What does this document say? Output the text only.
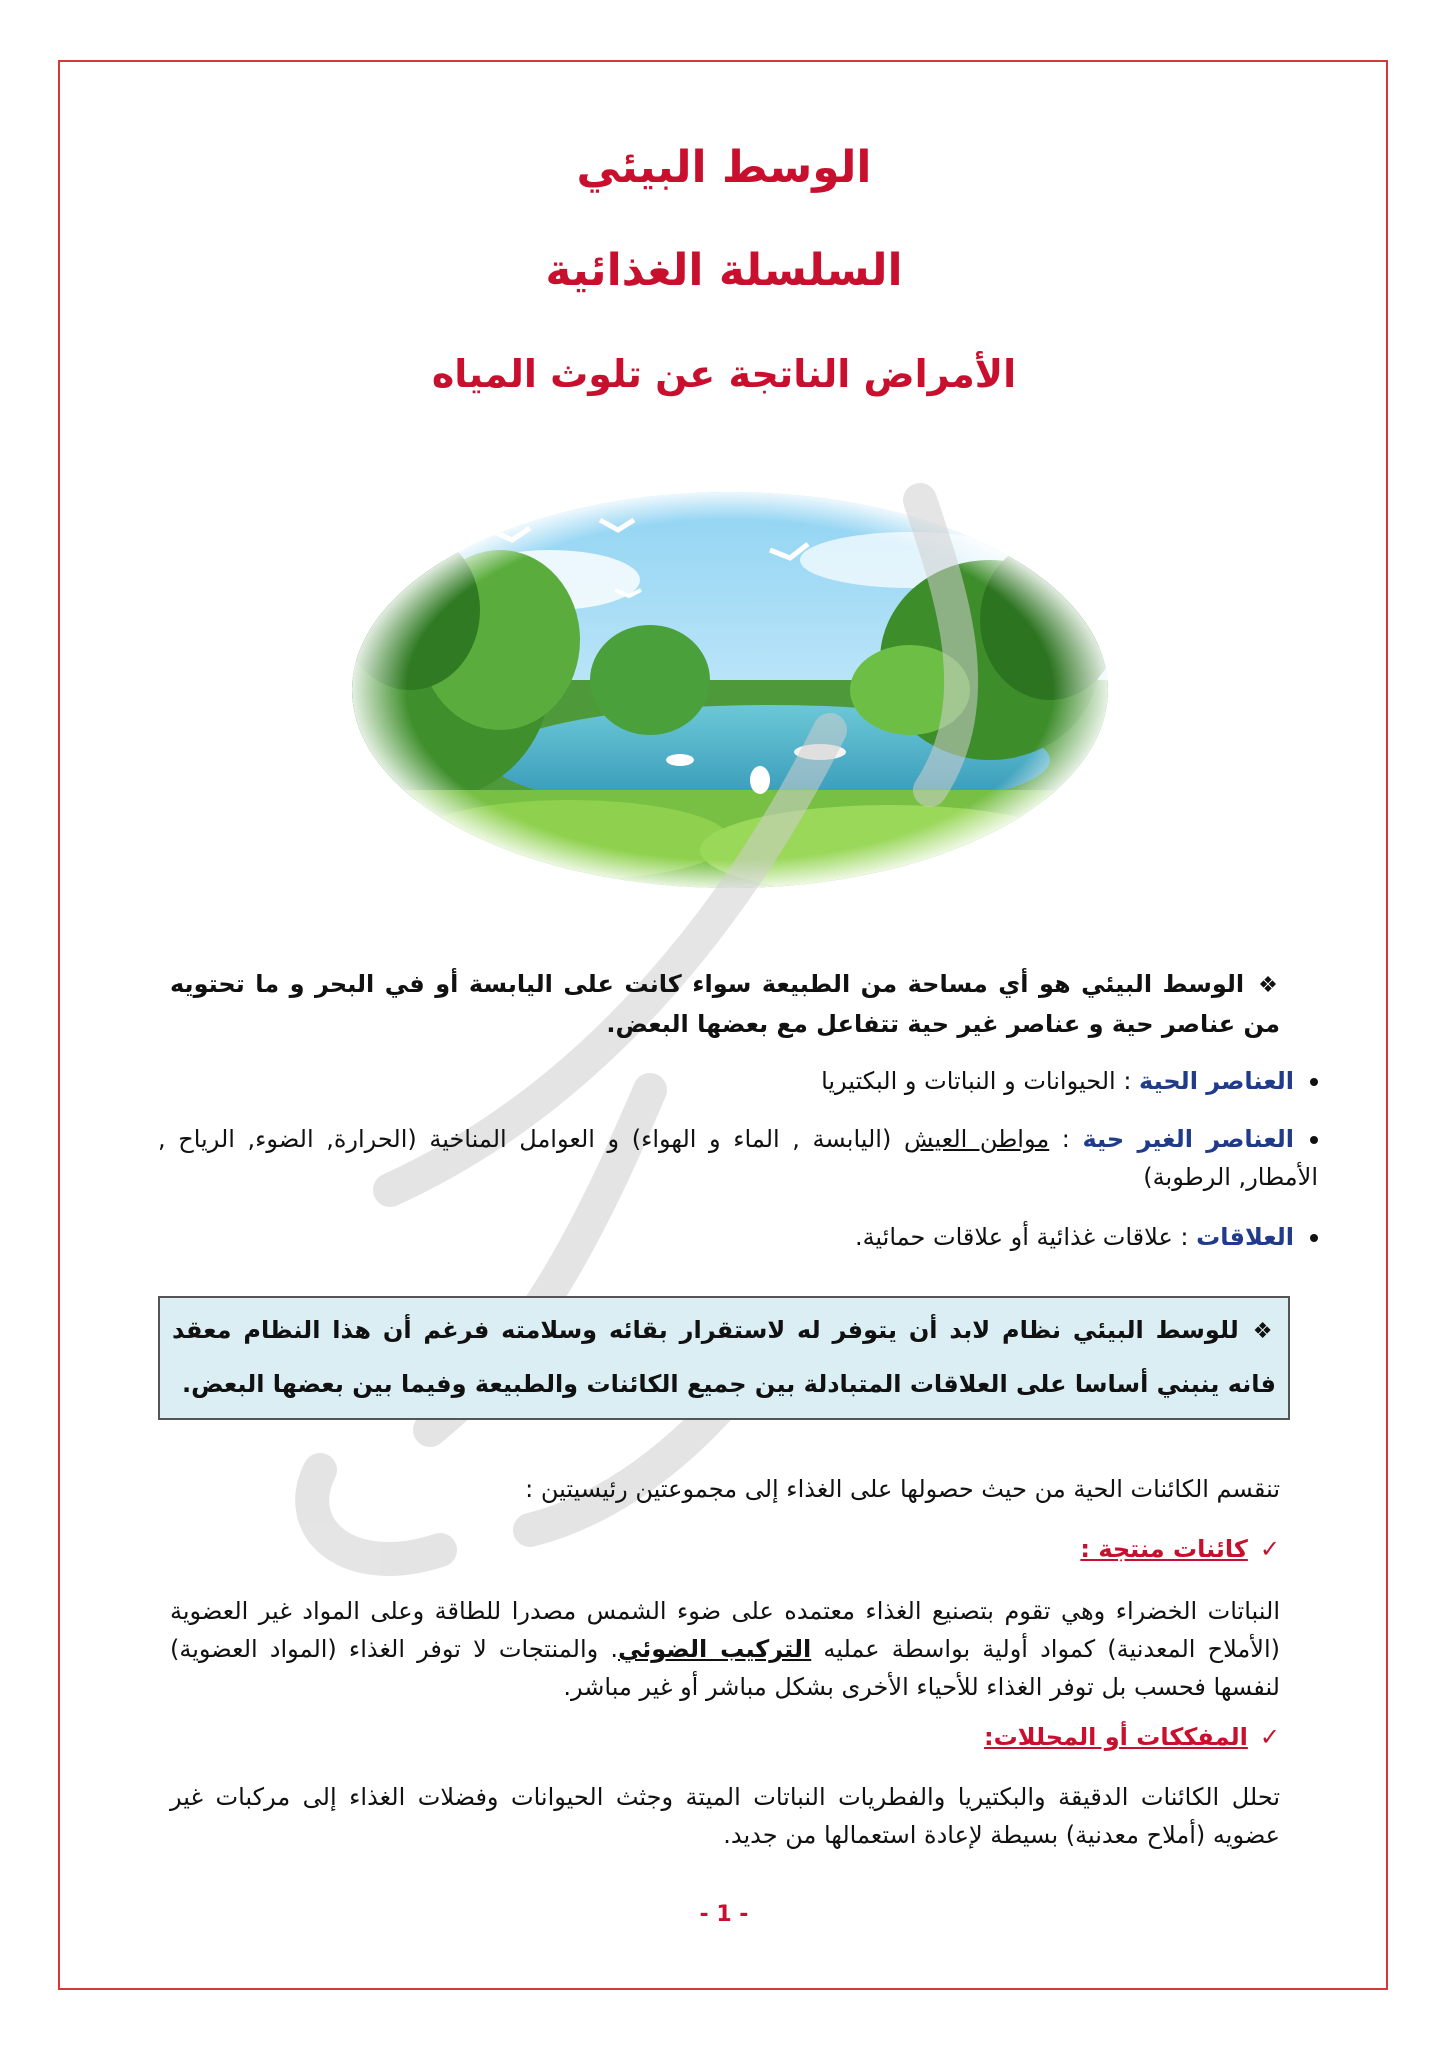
الوسط البيئي
السلسلة الغذائية
الأمراض الناتجة عن تلوث المياه
❖الوسط البيئي هو أي مساحة من الطبيعة سواء كانت على اليابسة أو في البحر و ما تحتويه من عناصر حية و عناصر غير حية تتفاعل مع بعضها البعض.
العناصر الحية : الحيوانات و النباتات و البكتيريا
العناصر الغير حية : مواطن العيش (اليابسة , الماء و الهواء) و العوامل المناخية (الحرارة, الضوء, الرياح , الأمطار, الرطوبة)
العلاقات : علاقات غذائية أو علاقات حمائية.
❖للوسط البيئي نظام لابد أن يتوفر له لاستقرار بقائه وسلامته فرغم أن هذا النظام معقد فانه ينبني أساسا على العلاقات المتبادلة بين جميع الكائنات والطبيعة وفيما بين بعضها البعض.
تنقسم الكائنات الحية من حيث حصولها على الغذاء إلى مجموعتين رئيسيتين :
✓كائنات منتجة :
النباتات الخضراء وهي تقوم بتصنيع الغذاء معتمده على ضوء الشمس مصدرا للطاقة وعلى المواد غير العضوية (الأملاح المعدنية) كمواد أولية بواسطة عمليه التركيب الضوئي. والمنتجات لا توفر الغذاء (المواد العضوية) لنفسها فحسب بل توفر الغذاء للأحياء الأخرى بشكل مباشر أو غير مباشر.
✓المفككات أو المحللات:
تحلل الكائنات الدقيقة والبكتيريا والفطريات النباتات الميتة وجثث الحيوانات وفضلات الغذاء إلى مركبات غير عضويه (أملاح معدنية) بسيطة لإعادة استعمالها من جديد.
- 1 -
